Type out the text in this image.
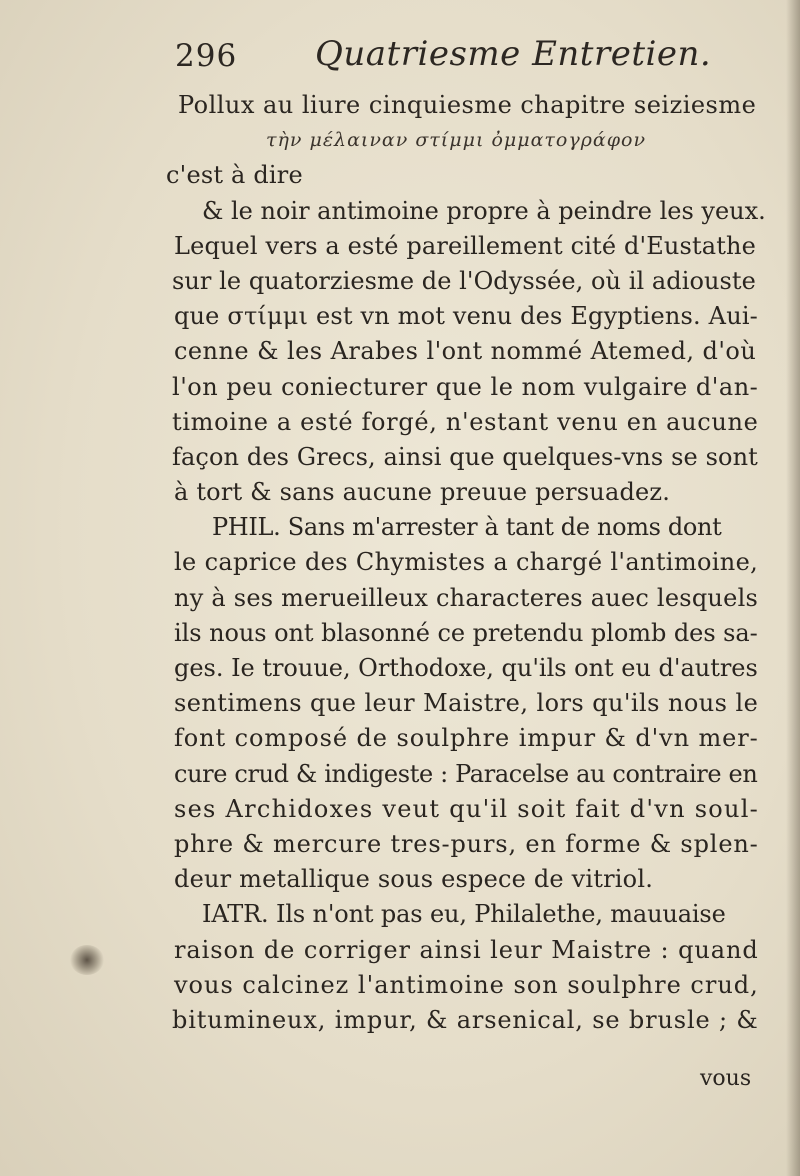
296 Quatriesme Entretien.
Pollux au liure cinquiesme chapitre seiziesme
τὴν μέλαιναν στίμμι ὀμματογράφον
c'est à dire
& le noir antimoine propre à peindre les yeux.
Lequel vers a esté pareillement cité d'Eustathe
sur le quatorziesme de l'Odyssée, où il adiouste
que στίμμι est vn mot venu des Egyptiens. Aui-
cenne & les Arabes l'ont nommé Atemed, d'où
l'on peu coniecturer que le nom vulgaire d'an-
timoine a esté forgé, n'estant venu en aucune
façon des Grecs, ainsi que quelques-vns se sont
à tort & sans aucune preuue persuadez.
PHIL. Sans m'arrester à tant de noms dont
le caprice des Chymistes a chargé l'antimoine,
ny à ses merueilleux characteres auec lesquels
ils nous ont blasonné ce pretendu plomb des sa-
ges. Ie trouue, Orthodoxe, qu'ils ont eu d'autres
sentimens que leur Maistre, lors qu'ils nous le
font composé de soulphre impur & d'vn mer-
cure crud & indigeste : Paracelse au contraire en
ses Archidoxes veut qu'il soit fait d'vn soul-
phre & mercure tres-purs, en forme & splen-
deur metallique sous espece de vitriol.
IATR. Ils n'ont pas eu, Philalethe, mauuaise
raison de corriger ainsi leur Maistre : quand
vous calcinez l'antimoine son soulphre crud,
bitumineux, impur, & arsenical, se brusle ; &
vous
